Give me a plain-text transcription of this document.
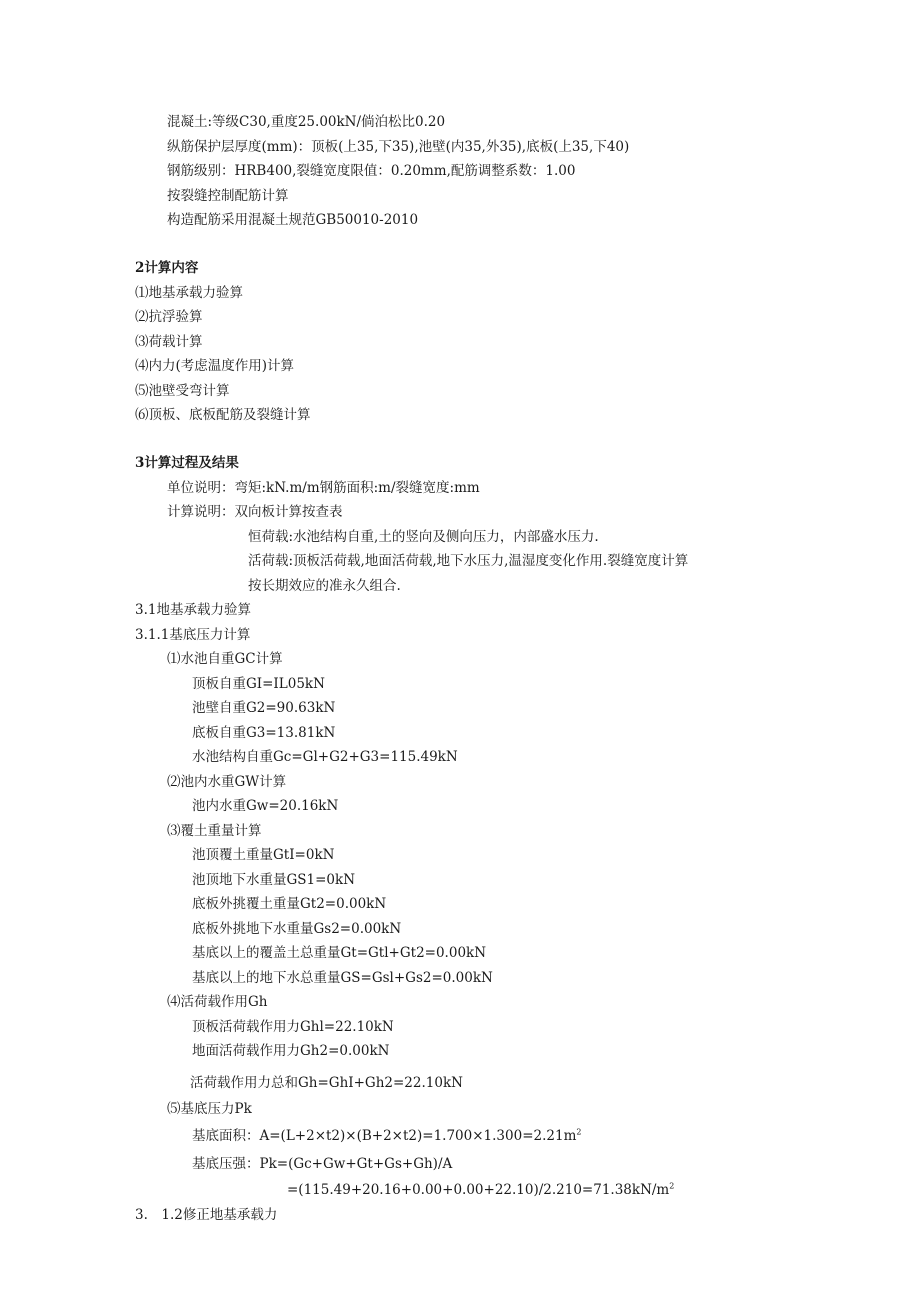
混凝土:等级C30,重度25.00kN/倘泊松比0.20
纵筋保护层厚度(mm)：顶板(上35,下35),池壁(内35,外35),底板(上35,下40)
钢筋级别：HRB400,裂缝宽度限值：0.20mm,配筋调整系数：1.00
按裂缝控制配筋计算
构造配筋采用混凝土规范GB50010-2010
2计算内容
⑴地基承载力验算
⑵抗浮验算
⑶荷载计算
⑷内力(考虑温度作用)计算
⑸池壁受弯计算
⑹顶板、底板配筋及裂缝计算
3计算过程及结果
单位说明：弯矩:kN.m/m钢筋面积:m/裂缝宽度:mm
计算说明：双向板计算按查表
恒荷载:水池结构自重,土的竖向及侧向压力，内部盛水压力.
活荷载:顶板活荷载,地面活荷载,地下水压力,温湿度变化作用.裂缝宽度计算
按长期效应的准永久组合.
3.1地基承载力验算
3.1.1基底压力计算
⑴水池自重GC计算
顶板自重GI=IL05kN
池壁自重G2=90.63kN
底板自重G3=13.81kN
水池结构自重Gc=Gl+G2+G3=115.49kN
⑵池内水重GW计算
池内水重Gw=20.16kN
⑶覆土重量计算
池顶覆土重量GtI=0kN
池顶地下水重量GS1=0kN
底板外挑覆土重量Gt2=0.00kN
底板外挑地下水重量Gs2=0.00kN
基底以上的覆盖土总重量Gt=Gtl+Gt2=0.00kN
基底以上的地下水总重量GS=Gsl+Gs2=0.00kN
⑷活荷载作用Gh
顶板活荷载作用力Ghl=22.10kN
地面活荷载作用力Gh2=0.00kN
活荷载作用力总和Gh=GhI+Gh2=22.10kN
⑸基底压力Pk
基底面积：$A=(L+2\times t2)\times(B+2\times t2)=1.700\times 1.300=2.21m^2$
基底压强：Pk=(Gc+Gw+Gt+Gs+Gh)/A
$=(115.49+20.16+0.00+0.00+22.10)/2.210=71.38kN/m^2$
3.　1.2修正地基承载力
